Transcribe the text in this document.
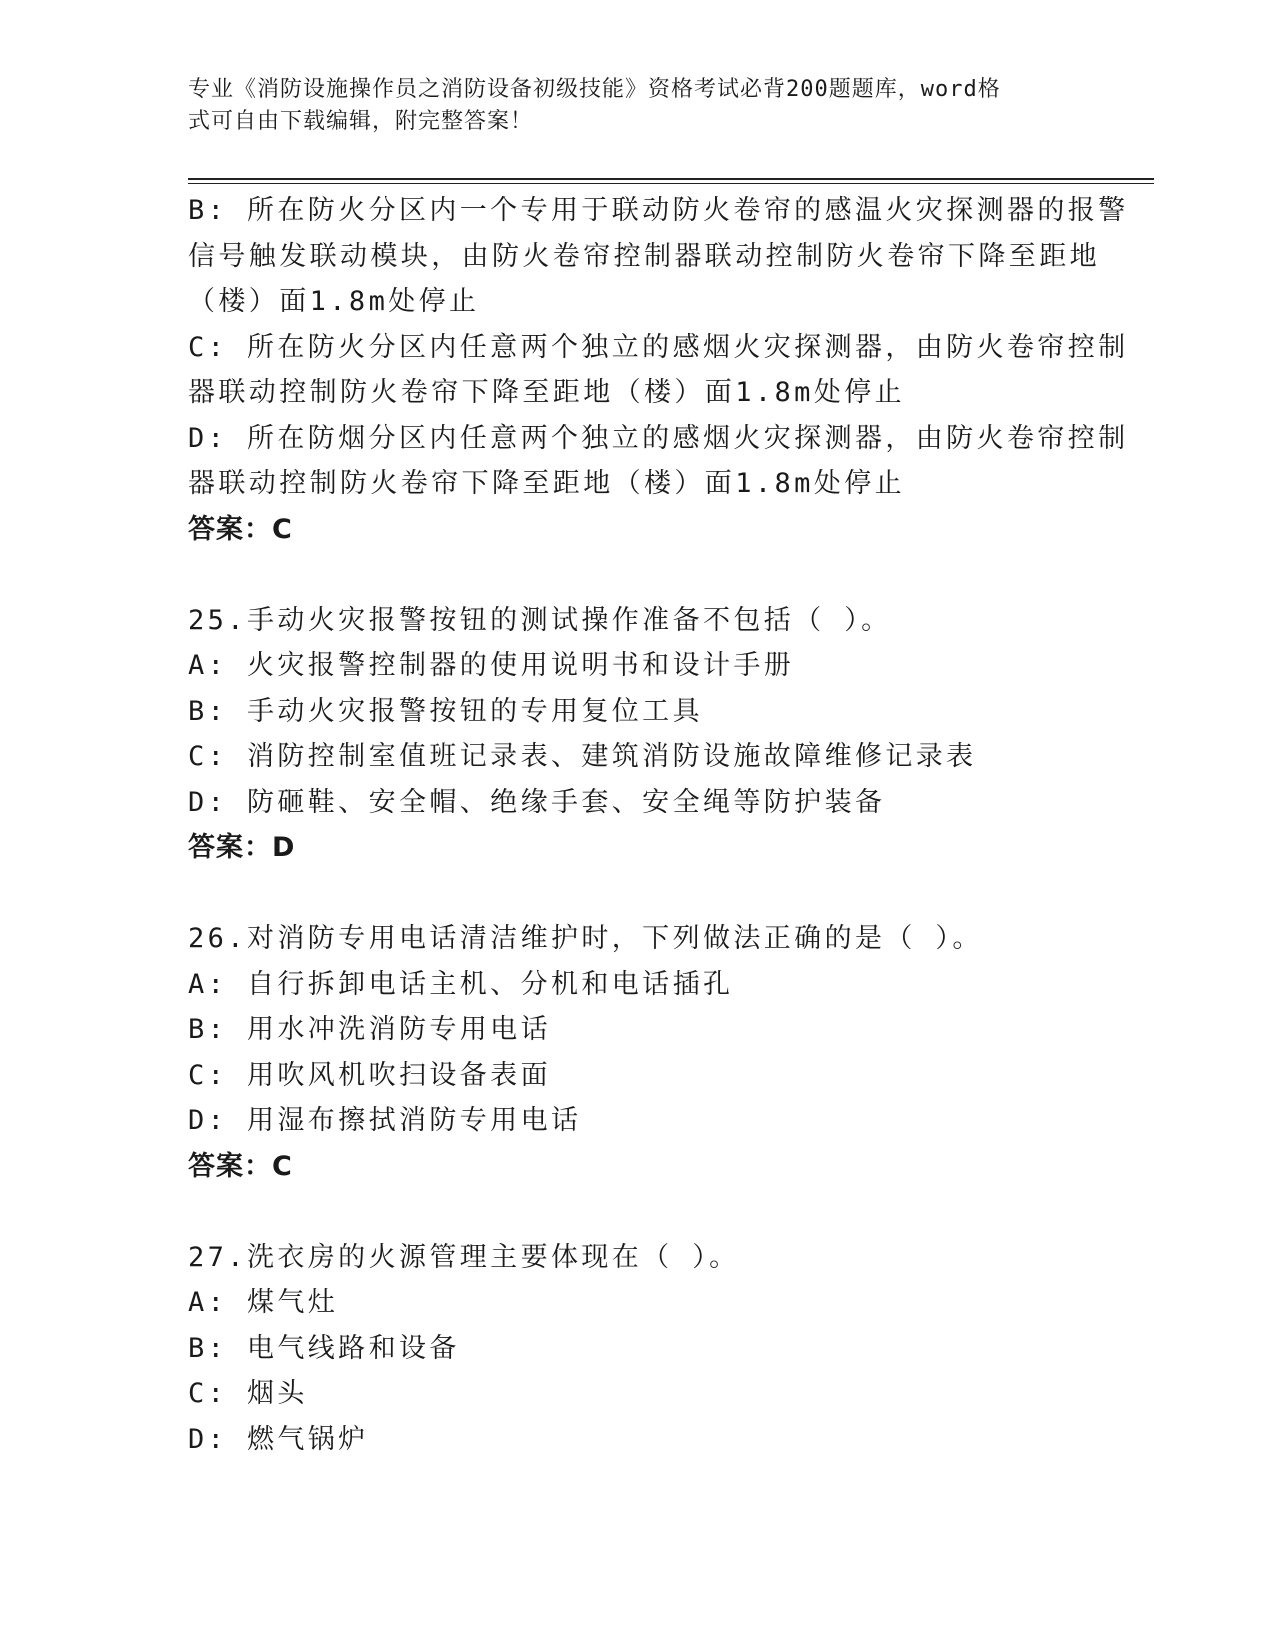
专业《消防设施操作员之消防设备初级技能》资格考试必背200题题库，word格
式可自由下载编辑，附完整答案！
B: 所在防火分区内一个专用于联动防火卷帘的感温火灾探测器的报警
信号触发联动模块，由防火卷帘控制器联动控制防火卷帘下降至距地
（楼）面1.8m处停止
C: 所在防火分区内任意两个独立的感烟火灾探测器，由防火卷帘控制
器联动控制防火卷帘下降至距地（楼）面1.8m处停止
D: 所在防烟分区内任意两个独立的感烟火灾探测器，由防火卷帘控制
器联动控制防火卷帘下降至距地（楼）面1.8m处停止
答案：C
25.手动火灾报警按钮的测试操作准备不包括（ ）。
A: 火灾报警控制器的使用说明书和设计手册
B: 手动火灾报警按钮的专用复位工具
C: 消防控制室值班记录表、建筑消防设施故障维修记录表
D: 防砸鞋、安全帽、绝缘手套、安全绳等防护装备
答案：D
26.对消防专用电话清洁维护时，下列做法正确的是（ ）。
A: 自行拆卸电话主机、分机和电话插孔
B: 用水冲洗消防专用电话
C: 用吹风机吹扫设备表面
D: 用湿布擦拭消防专用电话
答案：C
27.洗衣房的火源管理主要体现在（ ）。
A: 煤气灶
B: 电气线路和设备
C: 烟头
D: 燃气锅炉
